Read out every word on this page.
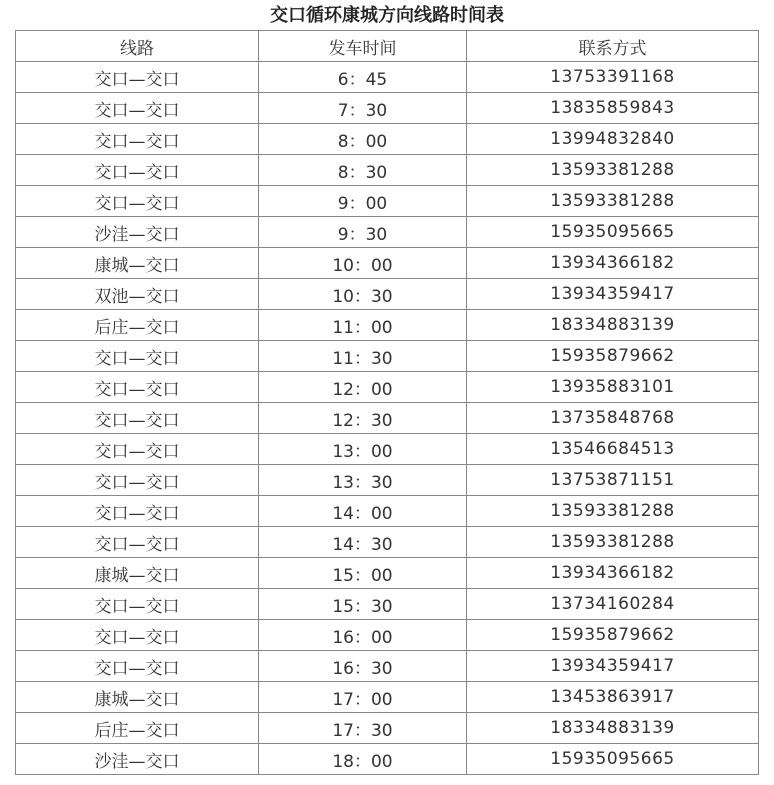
交口循环康城方向线路时间表
线路	发车时间	联系方式
交口—交口	6：45	13753391168
交口—交口	7：30	13835859843
交口—交口	8：00	13994832840
交口—交口	8：30	13593381288
交口—交口	9：00	13593381288
沙洼—交口	9：30	15935095665
康城—交口	10：00	13934366182
双池—交口	10：30	13934359417
后庄—交口	11：00	18334883139
交口—交口	11：30	15935879662
交口—交口	12：00	13935883101
交口—交口	12：30	13735848768
交口—交口	13：00	13546684513
交口—交口	13：30	13753871151
交口—交口	14：00	13593381288
交口—交口	14：30	13593381288
康城—交口	15：00	13934366182
交口—交口	15：30	13734160284
交口—交口	16：00	15935879662
交口—交口	16：30	13934359417
康城—交口	17：00	13453863917
后庄—交口	17：30	18334883139
沙洼—交口	18：00	15935095665
